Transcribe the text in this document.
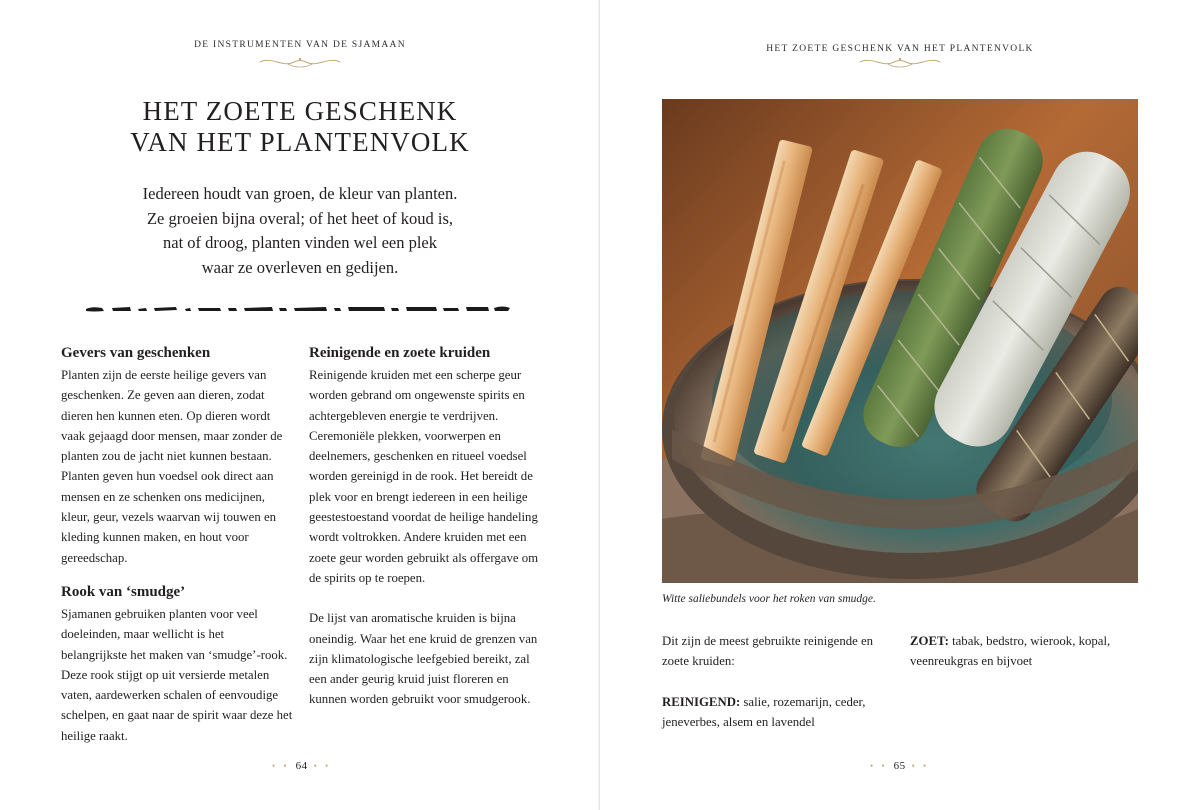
DE INSTRUMENTEN VAN DE SJAMAAN
HET ZOETE GESCHENK
VAN HET PLANTENVOLK

Iedereen houdt van groen, de kleur van planten.
Ze groeien bijna overal; of het heet of koud is,
nat of droog, planten vinden wel een plek
waar ze overleven en gedijen.

Gevers van geschenken

Planten zijn de eerste heilige gevers van geschenken. Ze geven aan dieren, zodat dieren hen kunnen eten. Op dieren wordt vaak gejaagd door mensen, maar zonder de planten zou de jacht niet kunnen bestaan. Planten geven hun voedsel ook direct aan mensen en ze schenken ons medicijnen, kleur, geur, vezels waarvan wij touwen en kleding kunnen maken, en hout voor gereedschap.

Rook van ‘smudge’

Sjamanen gebruiken planten voor veel doeleinden, maar wellicht is het belangrijkste het maken van ‘smudge’-rook. Deze rook stijgt op uit versierde metalen vaten, aardewerken schalen of eenvoudige schelpen, en gaat naar de spirit waar deze het heilige raakt.

Reinigende en zoete kruiden

Reinigende kruiden met een scherpe geur worden gebrand om ongewenste spirits en achtergebleven energie te verdrijven. Ceremoniële plekken, voorwerpen en deelnemers, geschenken en ritueel voedsel worden gereinigd in de rook. Het bereidt de plek voor en brengt iedereen in een heilige geestestoestand voordat de heilige handeling wordt voltrokken. Andere kruiden met een zoete geur worden gebruikt als offergave om de spirits op te roepen.

De lijst van aromatische kruiden is bijna oneindig. Waar het ene kruid de grenzen van zijn klimatologische leefgebied bereikt, zal een ander geurig kruid juist floreren en kunnen worden gebruikt voor smudgerook.

• • 64 • •
HET ZOETE GESCHENK VAN HET PLANTENVOLK

Witte saliebundels voor het roken van smudge.

Dit zijn de meest gebruikte reinigende en zoete kruiden:

REINIGEND: salie, rozemarijn, ceder, jeneverbes, alsem en lavendel

ZOET: tabak, bedstro, wierook, kopal, veenreukgras en bijvoet

• • 65 • •
